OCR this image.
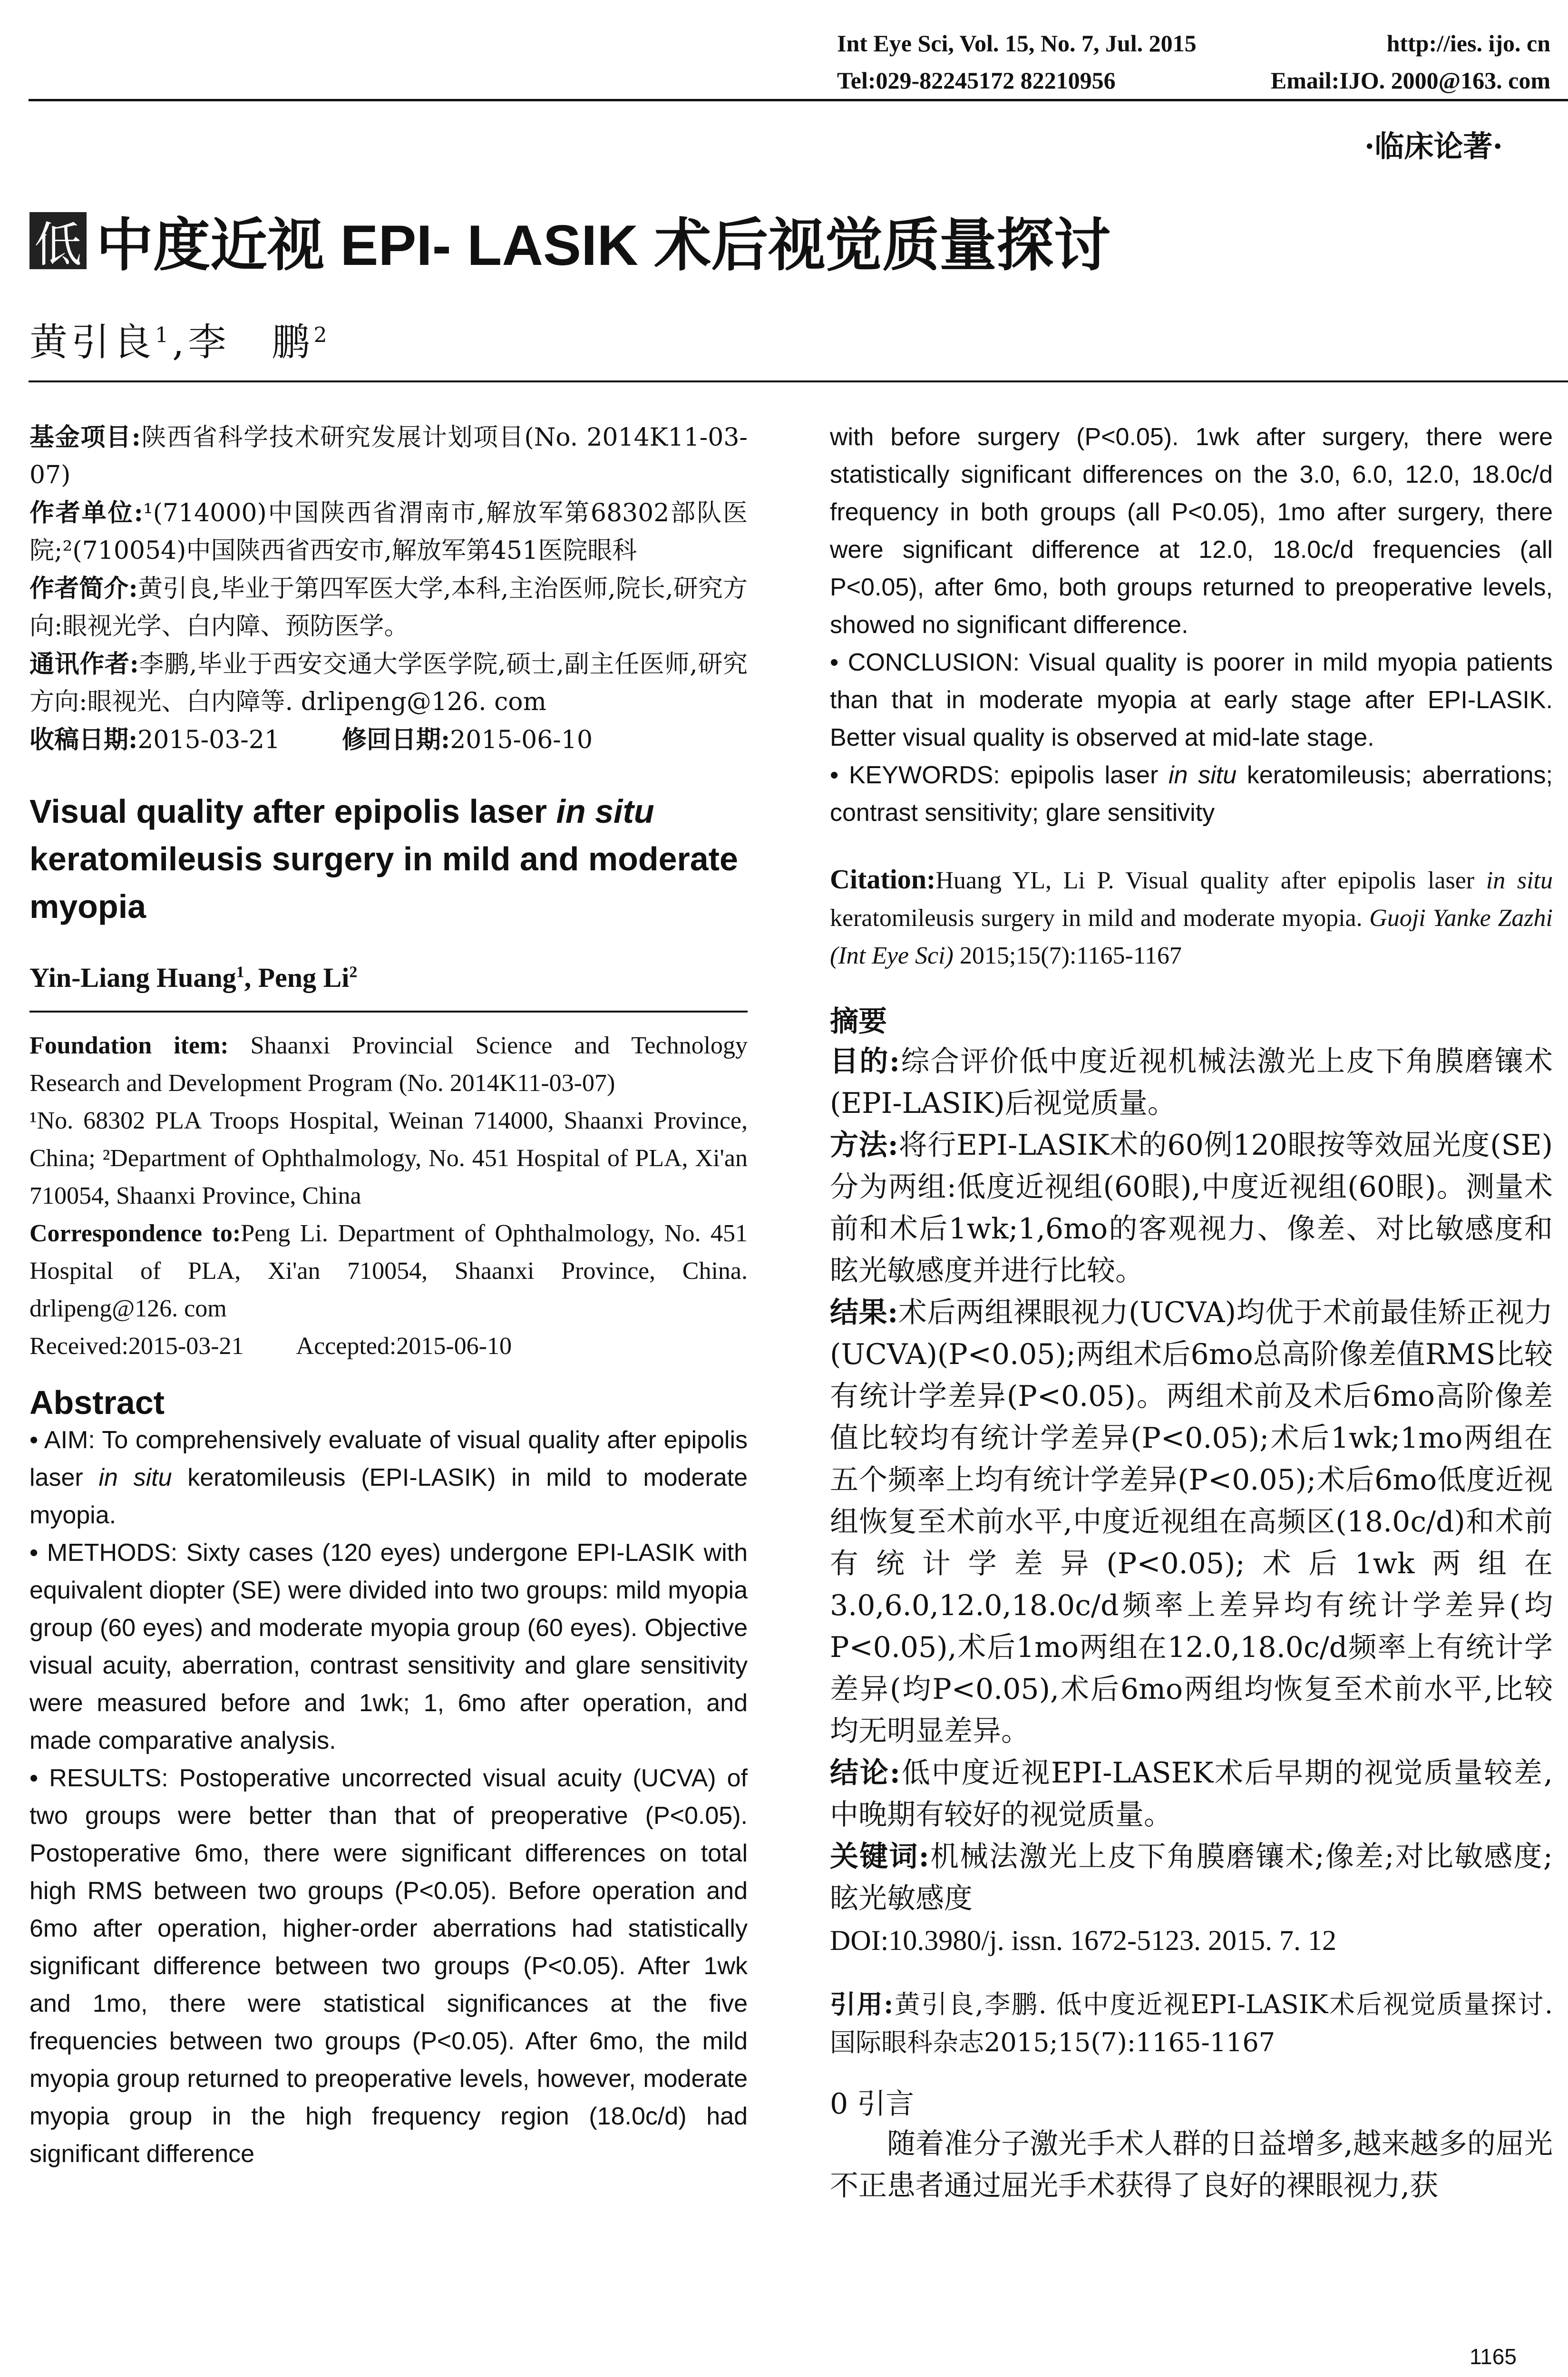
Int Eye Sci, Vol. 15, No. 7, Jul. 2015	http://ies. ijo. cn
Tel:029-82245172 82210956	Email:IJO. 2000@163. com
·临床论著·
低 中度近视 EPI- LASIK 术后视觉质量探讨
黄引良$^1$,李　鹏$^2$

基金项目:陕西省科学技术研究发展计划项目(No. 2014K11-03-07)

作者单位:¹(714000)中国陕西省渭南市,解放军第68302部队医院;²(710054)中国陕西省西安市,解放军第451医院眼科

作者简介:黄引良,毕业于第四军医大学,本科,主治医师,院长,研究方向:眼视光学、白内障、预防医学。

通讯作者:李鹏,毕业于西安交通大学医学院,硕士,副主任医师,研究方向:眼视光、白内障等. drlipeng@126. com

收稿日期:2015-03-21	修回日期:2015-06-10

Visual quality after epipolis laser in situ keratomileusis surgery in mild and moderate myopia

Yin-Liang Huang$^1$, Peng Li$^2$

Foundation item: Shaanxi Provincial Science and Technology Research and Development Program (No. 2014K11-03-07)

¹No. 68302 PLA Troops Hospital, Weinan 714000, Shaanxi Province, China; ²Department of Ophthalmology, No. 451 Hospital of PLA, Xi'an 710054, Shaanxi Province, China

Correspondence to:Peng Li. Department of Ophthalmology, No. 451 Hospital of PLA, Xi'an 710054, Shaanxi Province, China. drlipeng@126. com

Received:2015-03-21 Accepted:2015-06-10

Abstract

• AIM: To comprehensively evaluate of visual quality after epipolis laser in situ keratomileusis (EPI-LASIK) in mild to moderate myopia.

• METHODS: Sixty cases (120 eyes) undergone EPI-LASIK with equivalent diopter (SE) were divided into two groups: mild myopia group (60 eyes) and moderate myopia group (60 eyes). Objective visual acuity, aberration, contrast sensitivity and glare sensitivity were measured before and 1wk; 1, 6mo after operation, and made comparative analysis.

• RESULTS: Postoperative uncorrected visual acuity (UCVA) of two groups were better than that of preoperative (P<0.05). Postoperative 6mo, there were significant differences on total high RMS between two groups (P<0.05). Before operation and 6mo after operation, higher-order aberrations had statistically significant difference between two groups (P<0.05). After 1wk and 1mo, there were statistical significances at the five frequencies between two groups (P<0.05). After 6mo, the mild myopia group returned to preoperative levels, however, moderate myopia group in the high frequency region (18.0c/d) had significant difference

with before surgery (P<0.05). 1wk after surgery, there were statistically significant differences on the 3.0, 6.0, 12.0, 18.0c/d frequency in both groups (all P<0.05), 1mo after surgery, there were significant difference at 12.0, 18.0c/d frequencies (all P<0.05), after 6mo, both groups returned to preoperative levels, showed no significant difference.

• CONCLUSION: Visual quality is poorer in mild myopia patients than that in moderate myopia at early stage after EPI-LASIK. Better visual quality is observed at mid-late stage.

• KEYWORDS: epipolis laser in situ keratomileusis; aberrations; contrast sensitivity; glare sensitivity

Citation:Huang YL, Li P. Visual quality after epipolis laser in situ keratomileusis surgery in mild and moderate myopia. Guoji Yanke Zazhi (Int Eye Sci) 2015;15(7):1165-1167

摘要

目的:综合评价低中度近视机械法激光上皮下角膜磨镶术(EPI-LASIK)后视觉质量。

方法:将行EPI-LASIK术的60例120眼按等效屈光度(SE)分为两组:低度近视组(60眼),中度近视组(60眼)。测量术前和术后1wk;1,6mo的客观视力、像差、对比敏感度和眩光敏感度并进行比较。

结果:术后两组裸眼视力(UCVA)均优于术前最佳矫正视力(UCVA)(P<0.05);两组术后6mo总高阶像差值RMS比较有统计学差异(P<0.05)。两组术前及术后6mo高阶像差值比较均有统计学差异(P<0.05);术后1wk;1mo两组在五个频率上均有统计学差异(P<0.05);术后6mo低度近视组恢复至术前水平,中度近视组在高频区(18.0c/d)和术前有统计学差异(P<0.05);术后1wk两组在3.0,6.0,12.0,18.0c/d频率上差异均有统计学差异(均P<0.05),术后1mo两组在12.0,18.0c/d频率上有统计学差异(均P<0.05),术后6mo两组均恢复至术前水平,比较均无明显差异。

结论:低中度近视EPI-LASEK术后早期的视觉质量较差,中晚期有较好的视觉质量。

关键词:机械法激光上皮下角膜磨镶术;像差;对比敏感度;眩光敏感度

DOI:10.3980/j. issn. 1672-5123. 2015. 7. 12

引用:黄引良,李鹏. 低中度近视EPI-LASIK术后视觉质量探讨. 国际眼科杂志2015;15(7):1165-1167

0 引言

随着准分子激光手术人群的日益增多,越来越多的屈光不正患者通过屈光手术获得了良好的裸眼视力,获

1165
